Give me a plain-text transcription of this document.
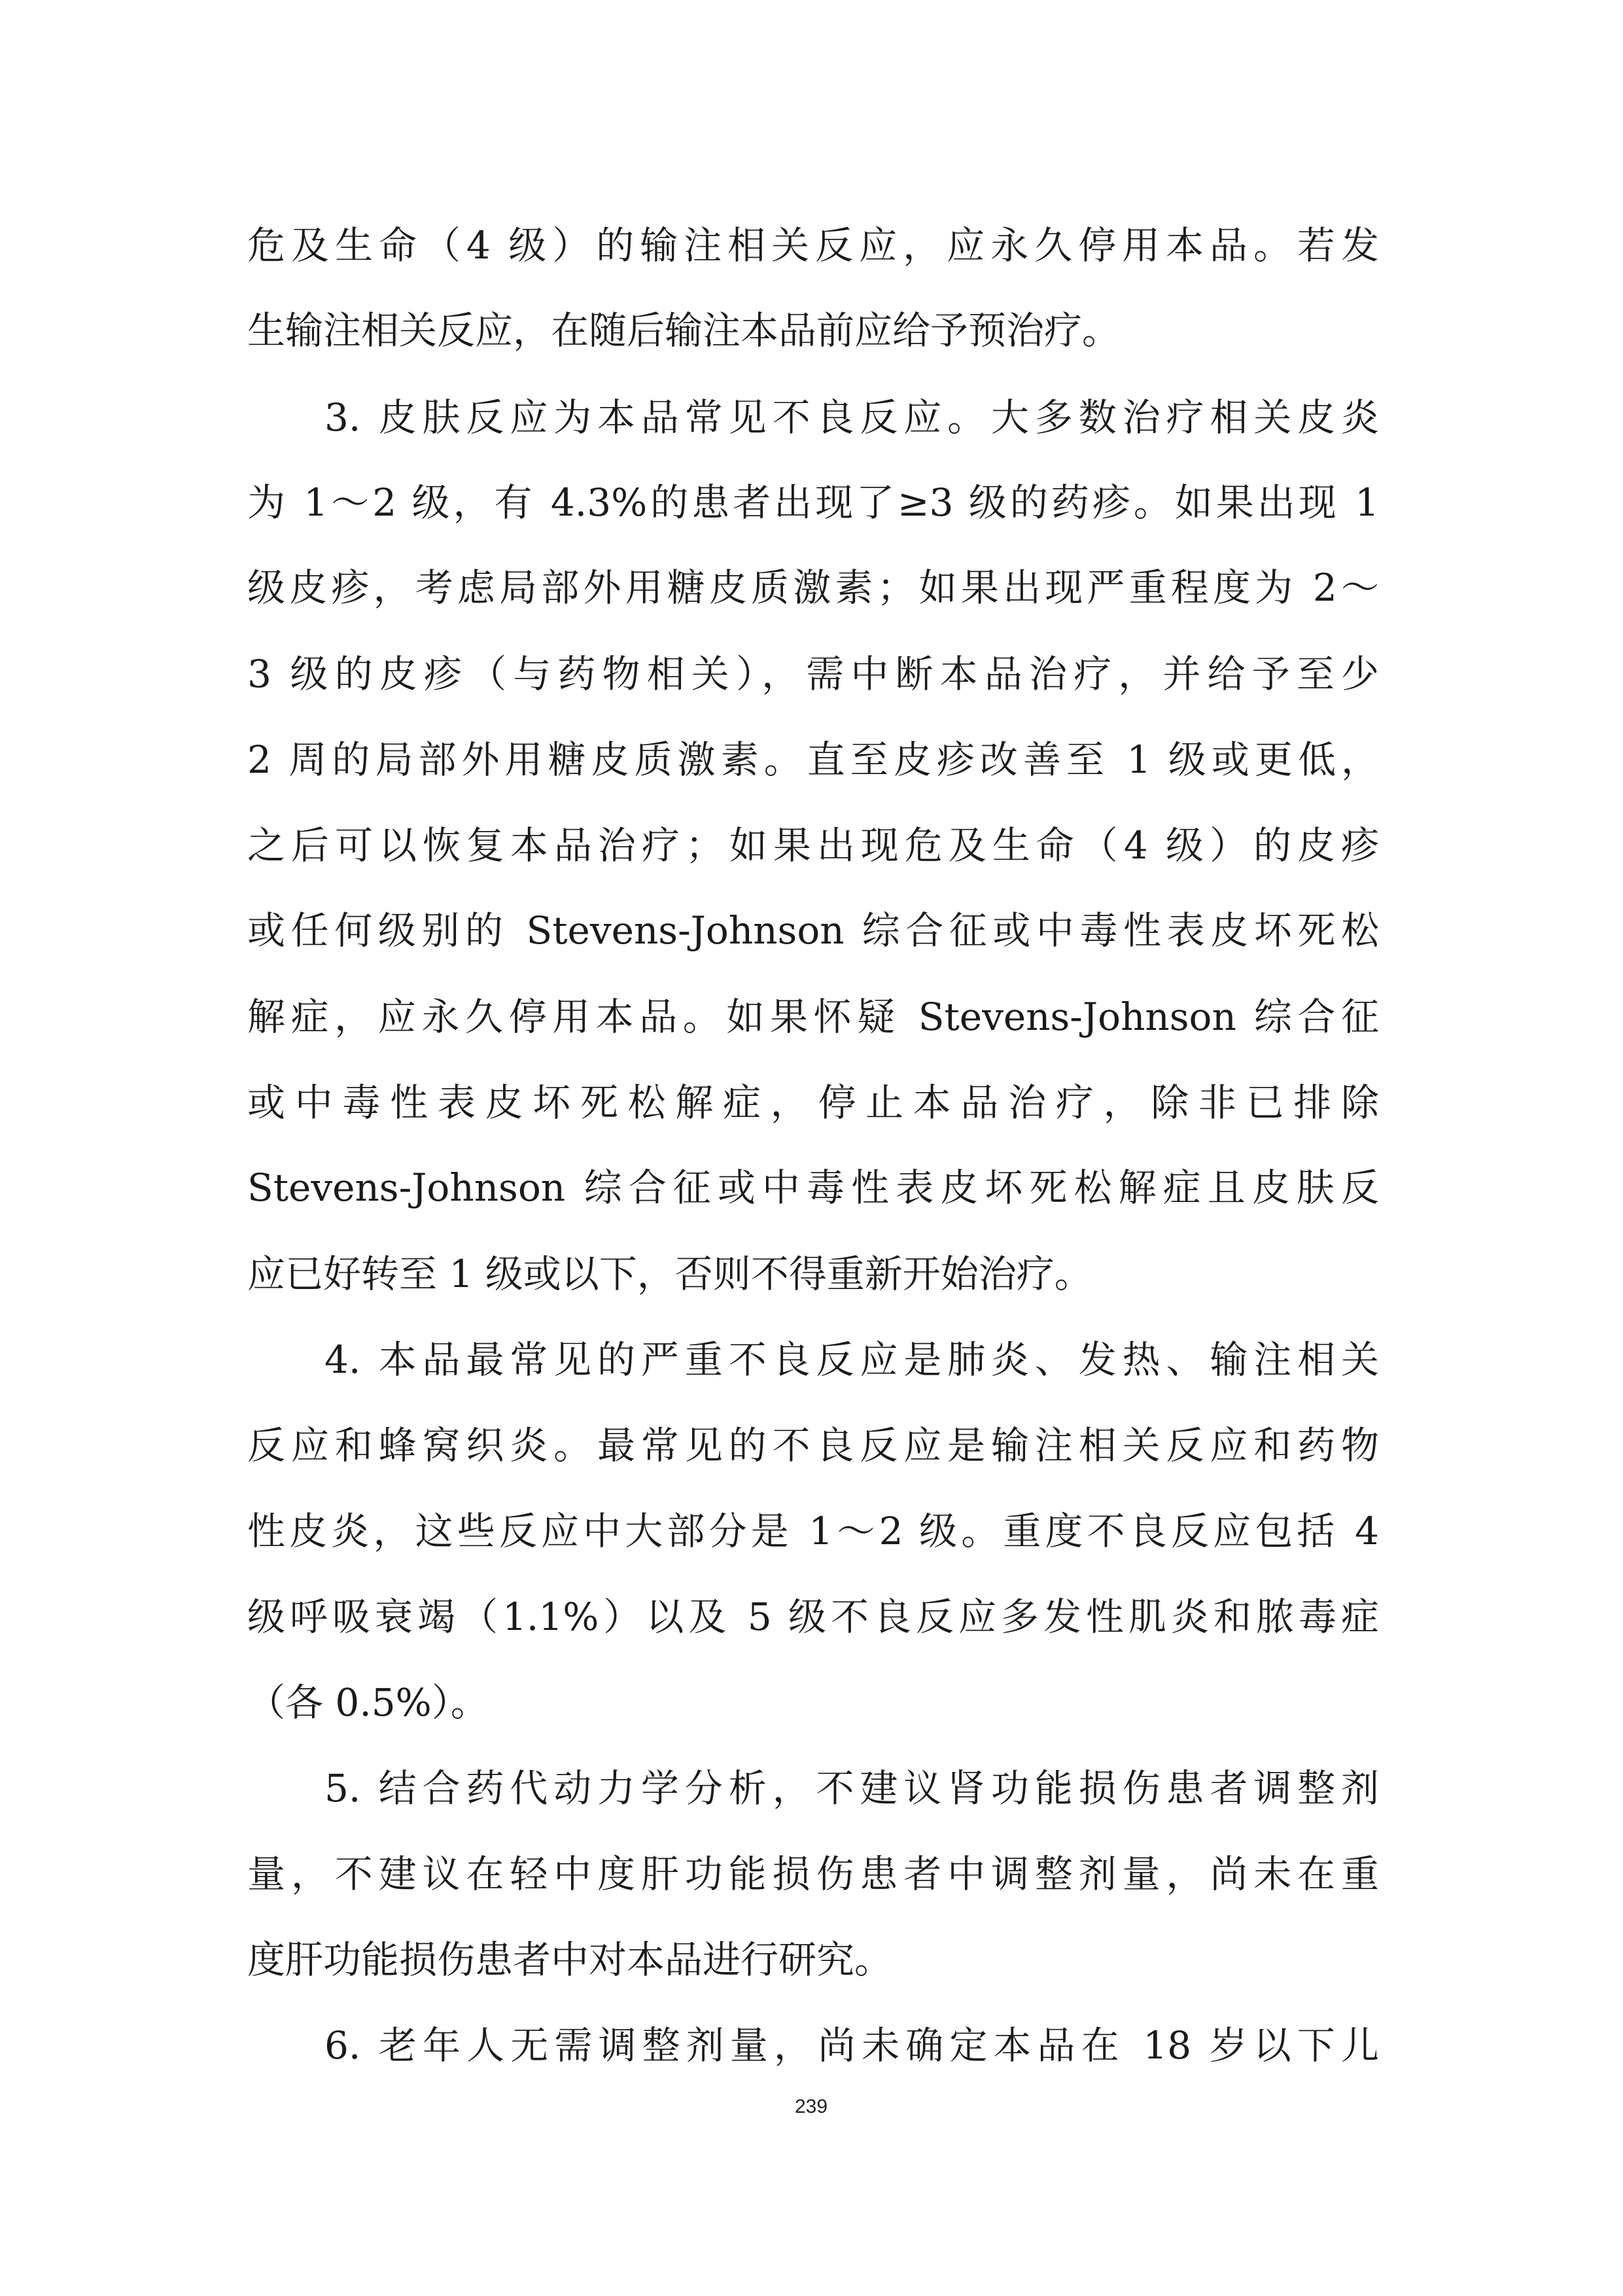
危及生命（4 级）的输注相关反应，应永久停用本品。若发
生输注相关反应，在随后输注本品前应给予预治疗。
3. 皮肤反应为本品常见不良反应。大多数治疗相关皮炎
为 1～2 级，有 4.3%的患者出现了≥3 级的药疹。如果出现 1
级皮疹，考虑局部外用糖皮质激素；如果出现严重程度为 2～
3 级的皮疹（与药物相关），需中断本品治疗，并给予至少
2 周的局部外用糖皮质激素。直至皮疹改善至 1 级或更低，
之后可以恢复本品治疗；如果出现危及生命（4 级）的皮疹
或任何级别的 Stevens-Johnson 综合征或中毒性表皮坏死松
解症，应永久停用本品。如果怀疑 Stevens-Johnson 综合征
或中毒性表皮坏死松解症，停止本品治疗，除非已排除
Stevens-Johnson 综合征或中毒性表皮坏死松解症且皮肤反
应已好转至 1 级或以下，否则不得重新开始治疗。
4. 本品最常见的严重不良反应是肺炎、发热、输注相关
反应和蜂窝织炎。最常见的不良反应是输注相关反应和药物
性皮炎，这些反应中大部分是 1～2 级。重度不良反应包括 4
级呼吸衰竭（1.1%）以及 5 级不良反应多发性肌炎和脓毒症
（各 0.5%）。
5. 结合药代动力学分析，不建议肾功能损伤患者调整剂
量，不建议在轻中度肝功能损伤患者中调整剂量，尚未在重
度肝功能损伤患者中对本品进行研究。
6. 老年人无需调整剂量，尚未确定本品在 18 岁以下儿
239
